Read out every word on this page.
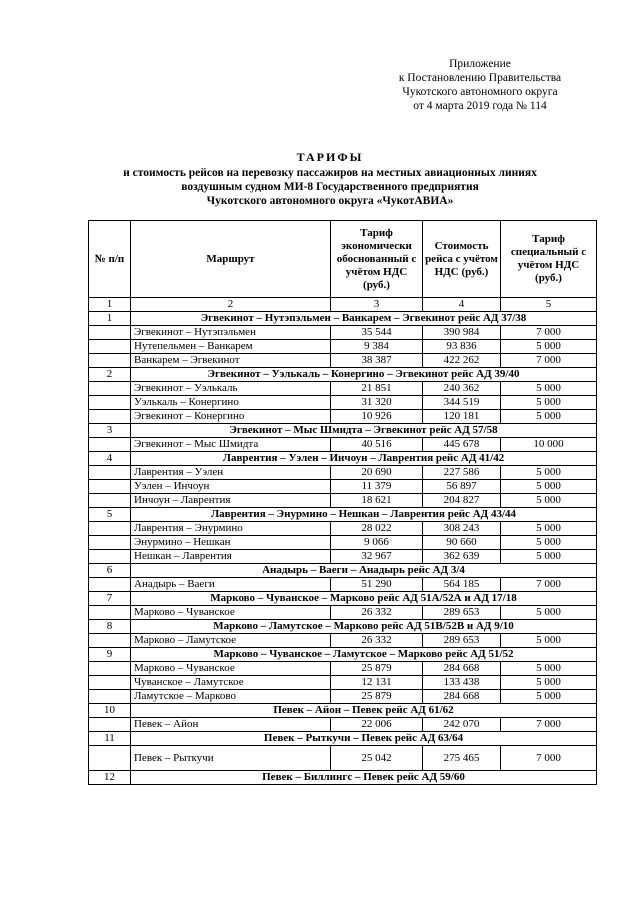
Приложение
к Постановлению Правительства
Чукотского автономного округа
от 4 марта 2019 года № 114
ТАРИФЫ
и стоимость рейсов на перевозку пассажиров на местных авиационных линиях
воздушным судном МИ-8 Государственного предприятия
Чукотского автономного округа «ЧукотАВИА»
№ п/п	Маршрут	Тариф экономически обоснованный с учётом НДС (руб.)	Стоимость рейса с учётом НДС (руб.)	Тариф специальный с учётом НДС (руб.)
1	2	3	4	5
1	Эгвекинот – Нутэпэльмен – Ванкарем – Эгвекинот рейс АД 37/38			
	Эгвекинот – Нутэпэльмен	35 544	390 984	7 000
	Нутепельмен – Ванкарем	9 384	93 836	5 000
	Ванкарем – Эгвекинот	38 387	422 262	7 000
2	Эгвекинот – Уэлькаль – Конергино – Эгвекинот рейс АД 39/40			
	Эгвекинот – Уэлькаль	21 851	240 362	5 000
	Уэлькаль – Конергино	31 320	344 519	5 000
	Эгвекинот – Конергино	10 926	120 181	5 000
3	Эгвекинот – Мыс Шмидта – Эгвекинот рейс АД 57/58			
	Эгвекинот – Мыс Шмидта	40 516	445 678	10 000
4	Лаврентия – Уэлен – Инчоун – Лаврентия рейс АД 41/42			
	Лаврентия – Уэлен	20 690	227 586	5 000
	Уэлен – Инчоун	11 379	56 897	5 000
	Инчоун – Лаврентия	18 621	204 827	5 000
5	Лаврентия – Энурмино – Нешкан – Лаврентия рейс АД 43/44			
	Лаврентия – Энурмино	28 022	308 243	5 000
	Энурмино – Нешкан	9 066	90 660	5 000
	Нешкан – Лаврентия	32 967	362 639	5 000
6	Анадырь – Ваеги – Анадырь рейс АД 3/4			
	Анадырь – Ваеги	51 290	564 185	7 000
7	Марково – Чуванское – Марково рейс АД 51А/52А и АД 17/18			
	Марково – Чуванское	26 332	289 653	5 000
8	Марково – Ламутское – Марково рейс АД 51В/52В и АД 9/10			
	Марково – Ламутское	26 332	289 653	5 000
9	Марково – Чуванское – Ламутское – Марково рейс АД 51/52			
	Марково – Чуванское	25 879	284 668	5 000
	Чуванское – Ламутское	12 131	133 438	5 000
	Ламутское – Марково	25 879	284 668	5 000
10	Певек – Айон – Певек рейс АД 61/62			
	Певек – Айон	22 006	242 070	7 000
11	Певек – Рыткучи – Певек рейс АД 63/64			
	Певек – Рыткучи	25 042	275 465	7 000
12	Певек – Биллингс – Певек рейс АД 59/60			
